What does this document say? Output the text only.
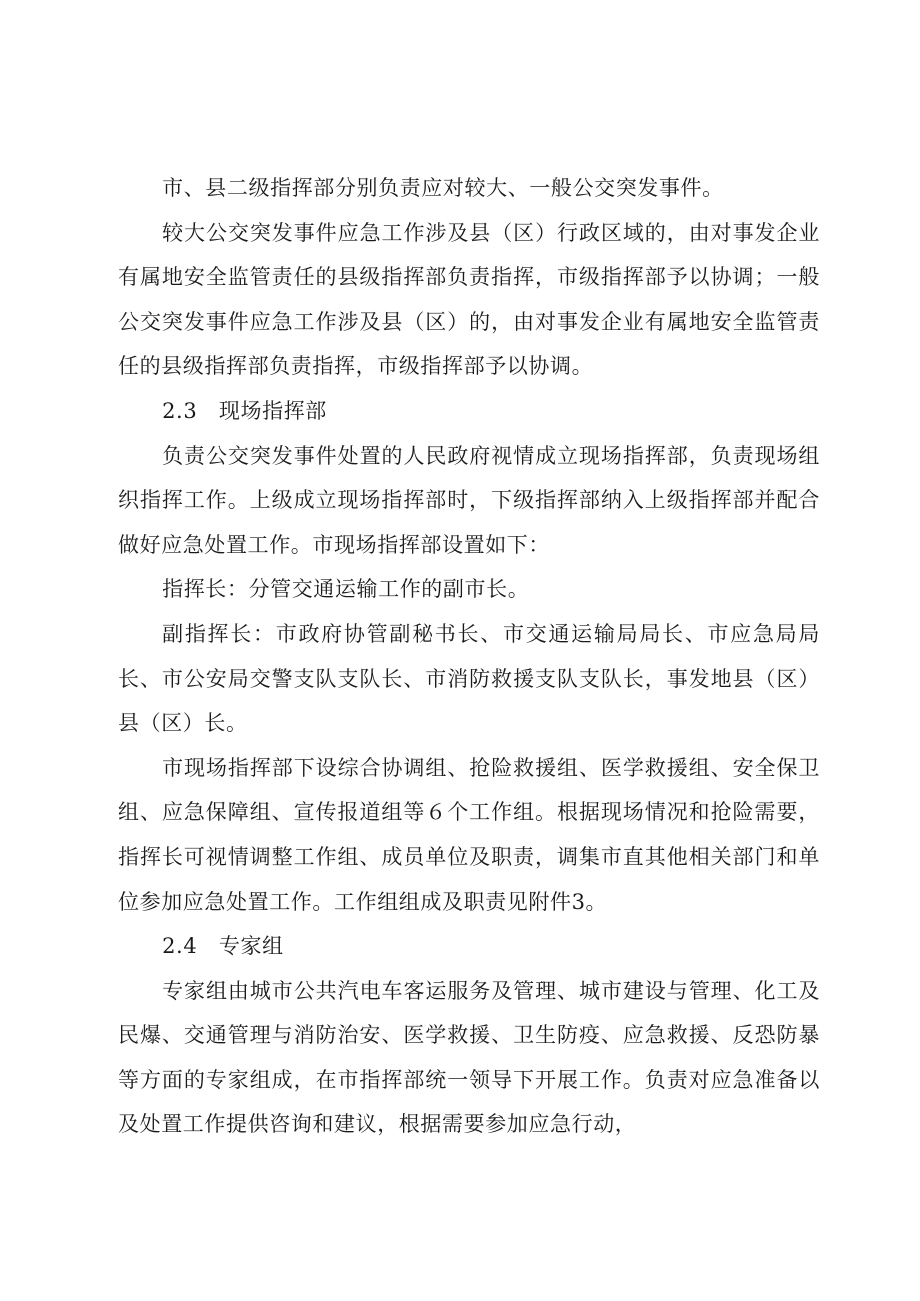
市、县二级指挥部分别负责应对较大、一般公交突发事件。

较大公交突发事件应急工作涉及县（区）行政区域的，由对事发企业有属地安全监管责任的县级指挥部负责指挥，市级指挥部予以协调；一般公交突发事件应急工作涉及县（区）的，由对事发企业有属地安全监管责任的县级指挥部负责指挥，市级指挥部予以协调。

2.3　现场指挥部

负责公交突发事件处置的人民政府视情成立现场指挥部，负责现场组织指挥工作。上级成立现场指挥部时，下级指挥部纳入上级指挥部并配合做好应急处置工作。市现场指挥部设置如下：

指挥长：分管交通运输工作的副市长。

副指挥长：市政府协管副秘书长、市交通运输局局长、市应急局局长、市公安局交警支队支队长、市消防救援支队支队长，事发地县（区）县（区）长。

市现场指挥部下设综合协调组、抢险救援组、医学救援组、安全保卫组、应急保障组、宣传报道组等６个工作组。根据现场情况和抢险需要，指挥长可视情调整工作组、成员单位及职责，调集市直其他相关部门和单位参加应急处置工作。工作组组成及职责见附件3。

2.4　专家组

专家组由城市公共汽电车客运服务及管理、城市建设与管理、化工及民爆、交通管理与消防治安、医学救援、卫生防疫、应急救援、反恐防暴等方面的专家组成，在市指挥部统一领导下开展工作。负责对应急准备以及处置工作提供咨询和建议，根据需要参加应急行动，
